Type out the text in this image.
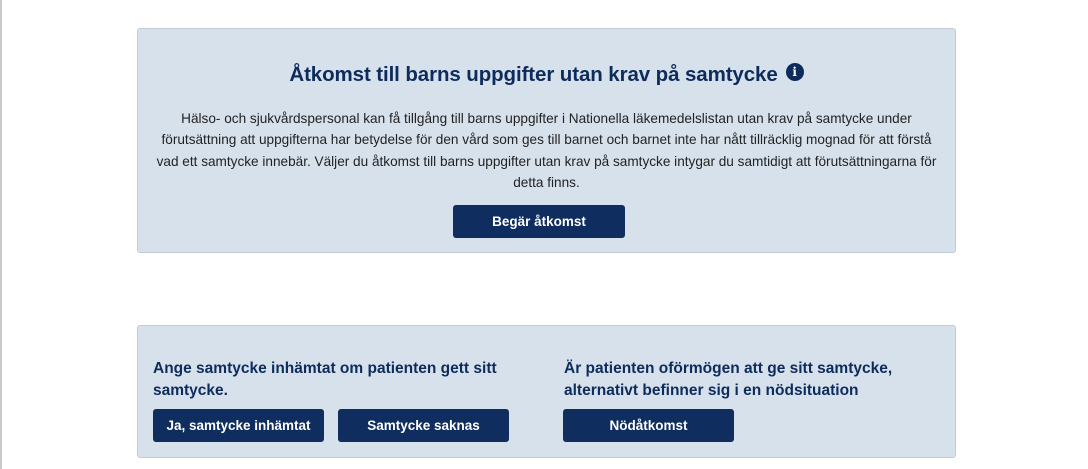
Åtkomst till barns uppgifter utan krav på samtycke	i

Hälso- och sjukvårdspersonal kan få tillgång till barns uppgifter i Nationella läkemedelslistan utan krav på samtycke under förutsättning att uppgifterna har betydelse för den vård som ges till barnet och barnet inte har nått tillräcklig mognad för att förstå vad ett samtycke innebär. Väljer du åtkomst till barns uppgifter utan krav på samtycke intygar du samtidigt att förutsättningarna för detta finns.

Begär åtkomst
Ange samtycke inhämtat om patienten gett sitt samtycke.
Ja, samtycke inhämtat	Samtycke saknas
Är patienten oförmögen att ge sitt samtycke, alternativt befinner sig i en nödsituation
Nödåtkomst
